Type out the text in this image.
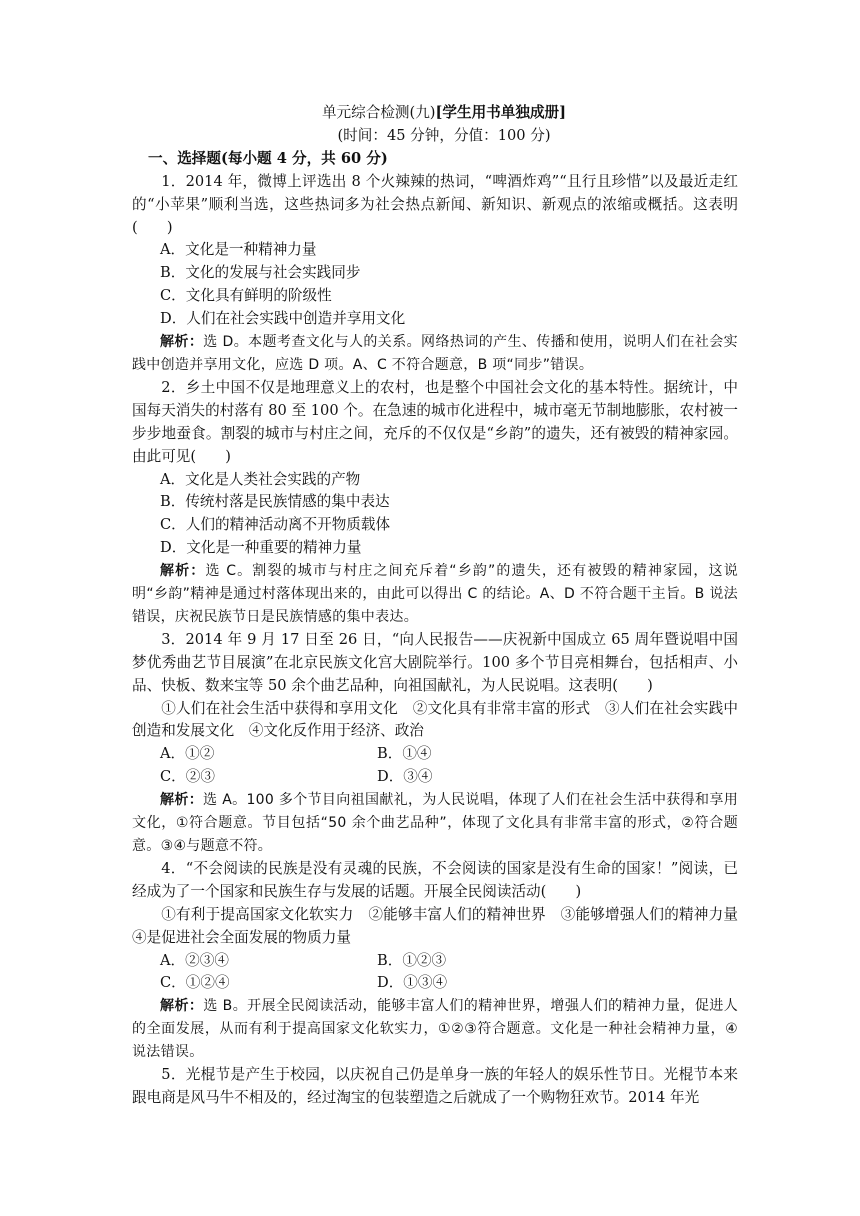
单元综合检测(九)[学生用书单独成册]
(时间：45 分钟，分值：100 分)
一、选择题(每小题 4 分，共 60 分)
1．2014 年，微博上评选出 8 个火辣辣的热词，“啤酒炸鸡”“且行且珍惜”以及最近走红的“小苹果”顺利当选，这些热词多为社会热点新闻、新知识、新观点的浓缩或概括。这表明(　　)
A．文化是一种精神力量
B．文化的发展与社会实践同步
C．文化具有鲜明的阶级性
D．人们在社会实践中创造并享用文化
解析：选 D。本题考查文化与人的关系。网络热词的产生、传播和使用，说明人们在社会实践中创造并享用文化，应选 D 项。A、C 不符合题意，B 项“同步”错误。
2．乡土中国不仅是地理意义上的农村，也是整个中国社会文化的基本特性。据统计，中国每天消失的村落有 80 至 100 个。在急速的城市化进程中，城市毫无节制地膨胀，农村被一步步地蚕食。割裂的城市与村庄之间，充斥的不仅仅是“乡韵”的遗失，还有被毁的精神家园。由此可见(　　)
A．文化是人类社会实践的产物
B．传统村落是民族情感的集中表达
C．人们的精神活动离不开物质载体
D．文化是一种重要的精神力量
解析：选 C。割裂的城市与村庄之间充斥着“乡韵”的遗失，还有被毁的精神家园，这说明“乡韵”精神是通过村落体现出来的，由此可以得出 C 的结论。A、D 不符合题干主旨。B 说法错误，庆祝民族节日是民族情感的集中表达。
3．2014 年 9 月 17 日至 26 日，“向人民报告——庆祝新中国成立 65 周年暨说唱中国梦优秀曲艺节目展演”在北京民族文化宫大剧院举行。100 多个节目亮相舞台，包括相声、小品、快板、数来宝等 50 余个曲艺品种，向祖国献礼，为人民说唱。这表明(　　)
①人们在社会生活中获得和享用文化　②文化具有非常丰富的形式　③人们在社会实践中创造和发展文化　④文化反作用于经济、政治
A．①②	B．①④
C．②③	D．③④
解析：选 A。100 多个节目向祖国献礼，为人民说唱，体现了人们在社会生活中获得和享用文化，①符合题意。节目包括“50 余个曲艺品种”，体现了文化具有非常丰富的形式，②符合题意。③④与题意不符。
4．“不会阅读的民族是没有灵魂的民族，不会阅读的国家是没有生命的国家！”阅读，已经成为了一个国家和民族生存与发展的话题。开展全民阅读活动(　　)
①有利于提高国家文化软实力　②能够丰富人们的精神世界　③能够增强人们的精神力量　④是促进社会全面发展的物质力量
A．②③④	B．①②③
C．①②④	D．①③④
解析：选 B。开展全民阅读活动，能够丰富人们的精神世界，增强人们的精神力量，促进人的全面发展，从而有利于提高国家文化软实力，①②③符合题意。文化是一种社会精神力量，④说法错误。
5．光棍节是产生于校园，以庆祝自己仍是单身一族的年轻人的娱乐性节日。光棍节本来跟电商是风马牛不相及的，经过淘宝的包装塑造之后就成了一个购物狂欢节。2014 年光
